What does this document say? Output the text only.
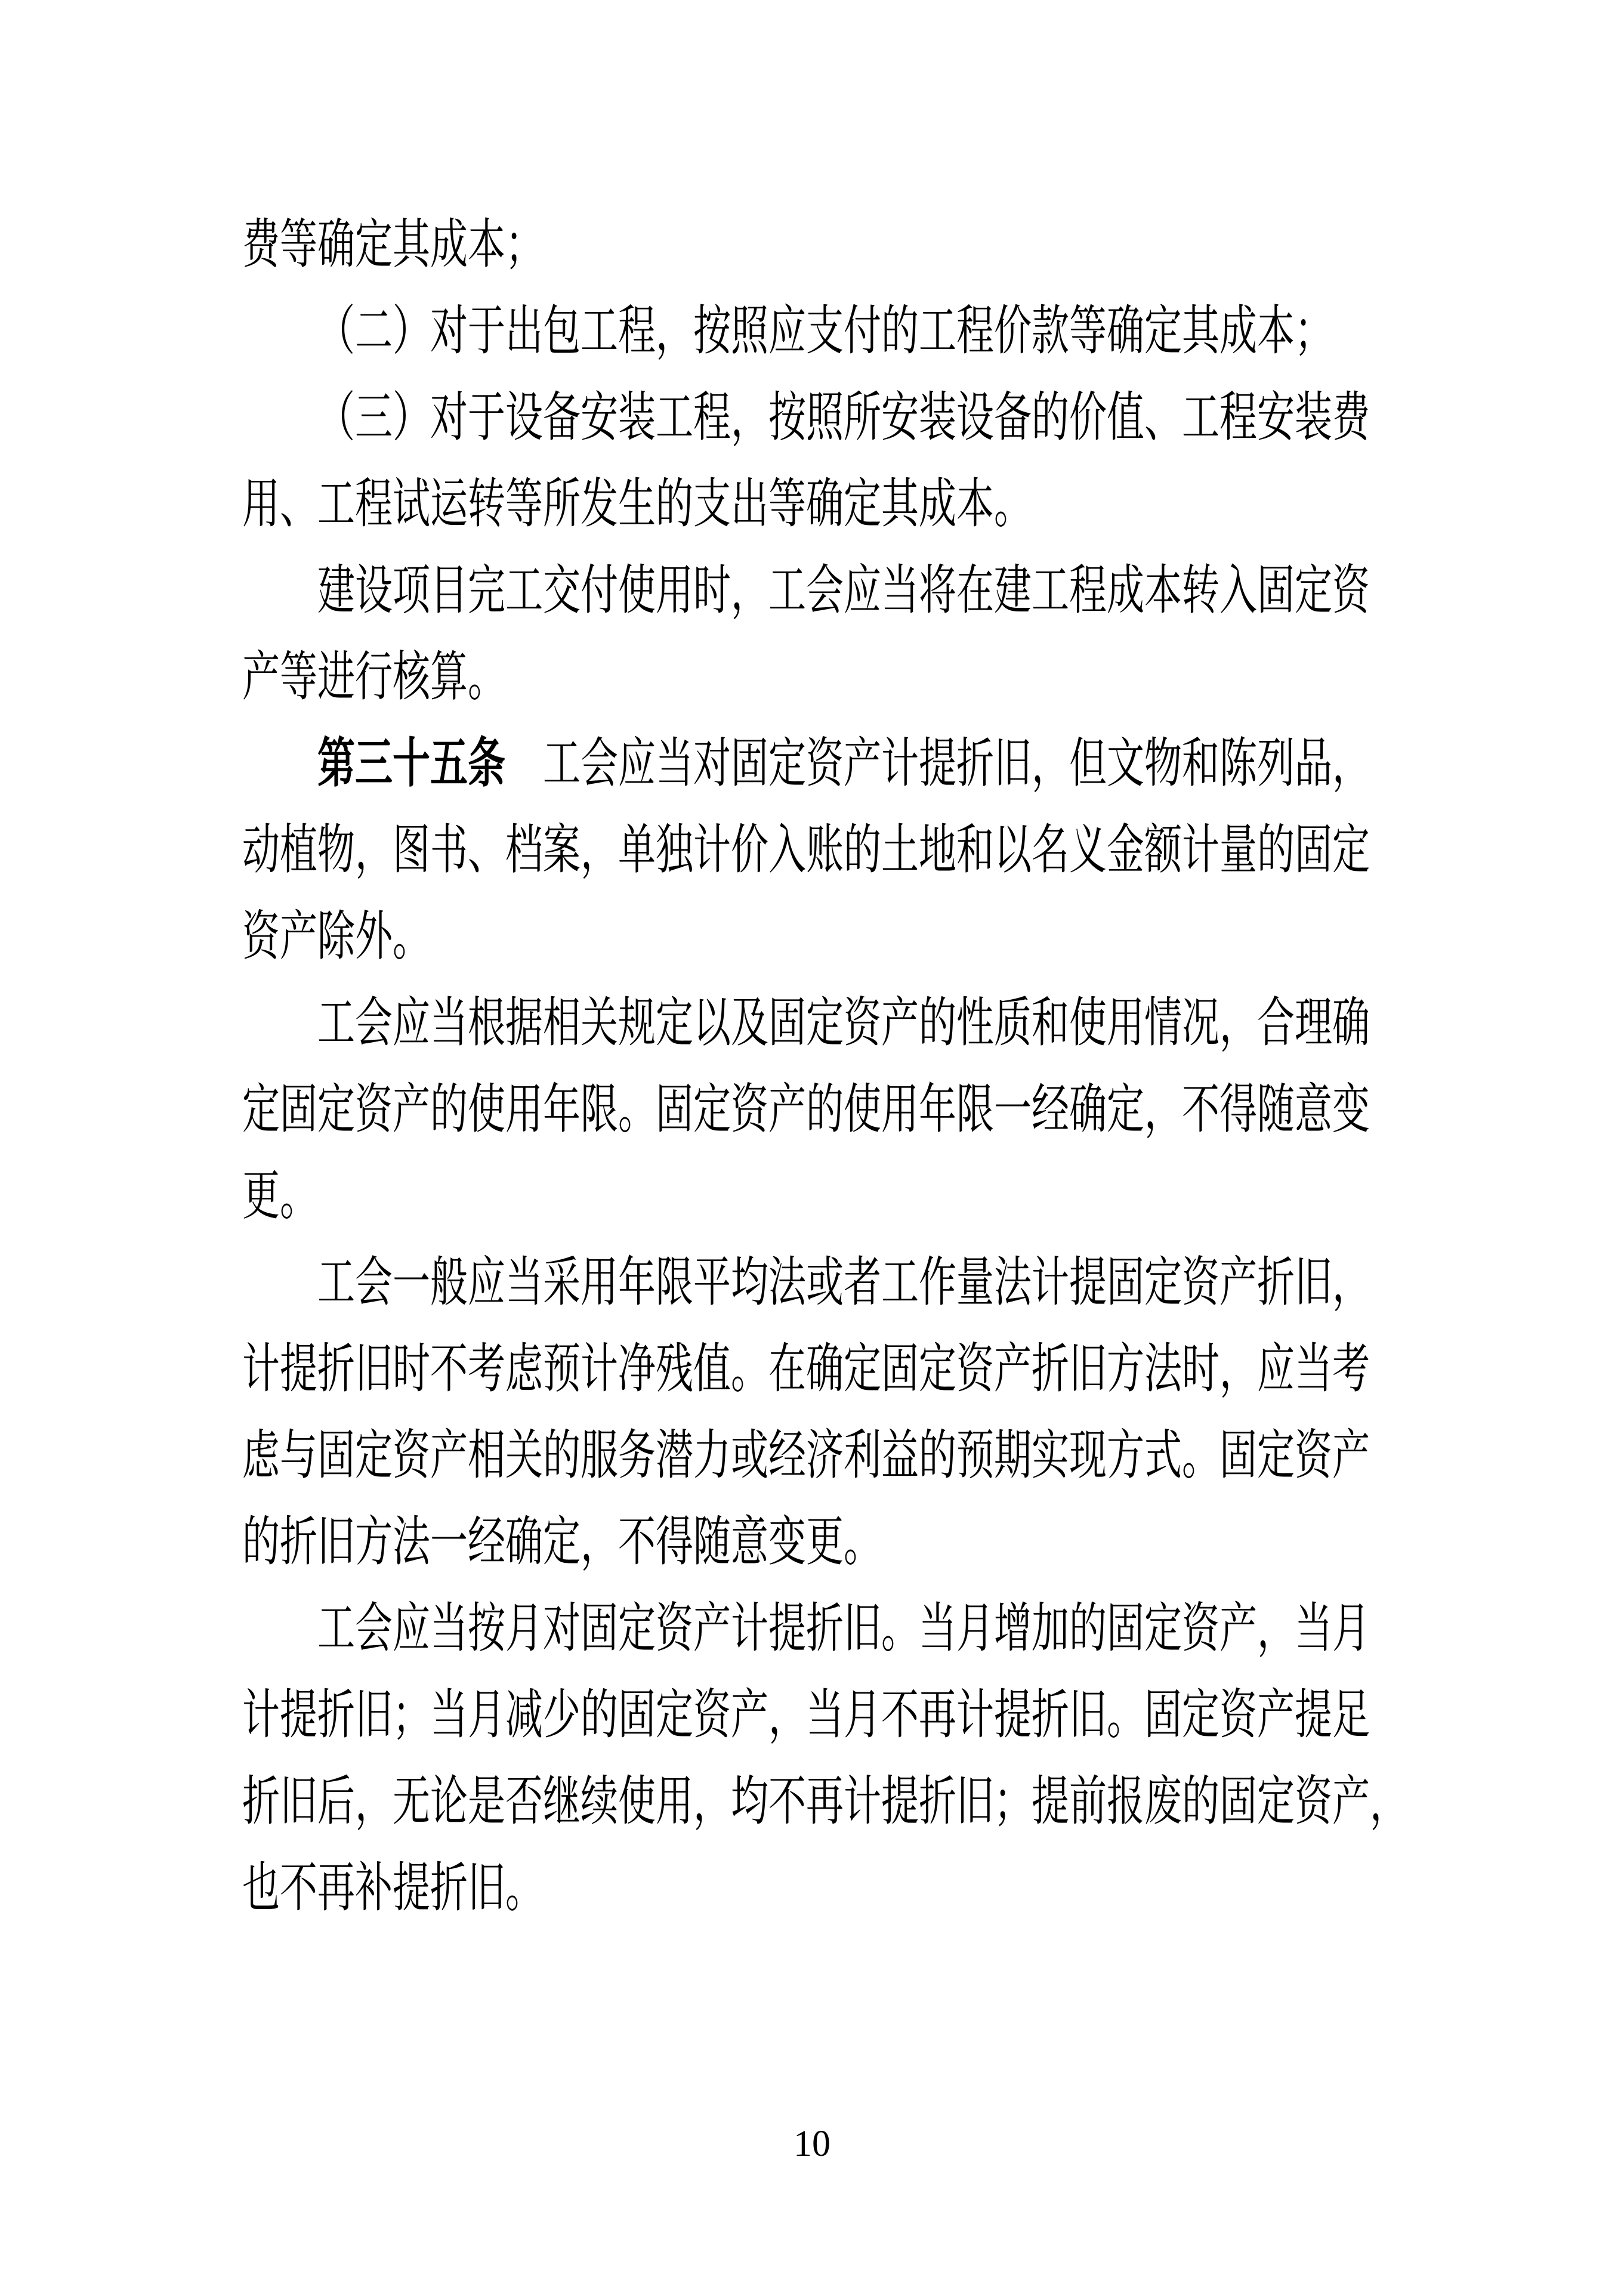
费等确定其成本；
（二）对于出包工程，按照应支付的工程价款等确定其成本；
（三）对于设备安装工程，按照所安装设备的价值、工程安装费
用、工程试运转等所发生的支出等确定其成本。
建设项目完工交付使用时，工会应当将在建工程成本转入固定资
产等进行核算。
第三十五条　工会应当对固定资产计提折旧，但文物和陈列品，
动植物，图书、档案，单独计价入账的土地和以名义金额计量的固定
资产除外。
工会应当根据相关规定以及固定资产的性质和使用情况，合理确
定固定资产的使用年限。固定资产的使用年限一经确定，不得随意变
更。
工会一般应当采用年限平均法或者工作量法计提固定资产折旧，
计提折旧时不考虑预计净残值。在确定固定资产折旧方法时，应当考
虑与固定资产相关的服务潜力或经济利益的预期实现方式。固定资产
的折旧方法一经确定，不得随意变更。
工会应当按月对固定资产计提折旧。当月增加的固定资产，当月
计提折旧；当月减少的固定资产，当月不再计提折旧。固定资产提足
折旧后，无论是否继续使用，均不再计提折旧；提前报废的固定资产，
也不再补提折旧。
10
